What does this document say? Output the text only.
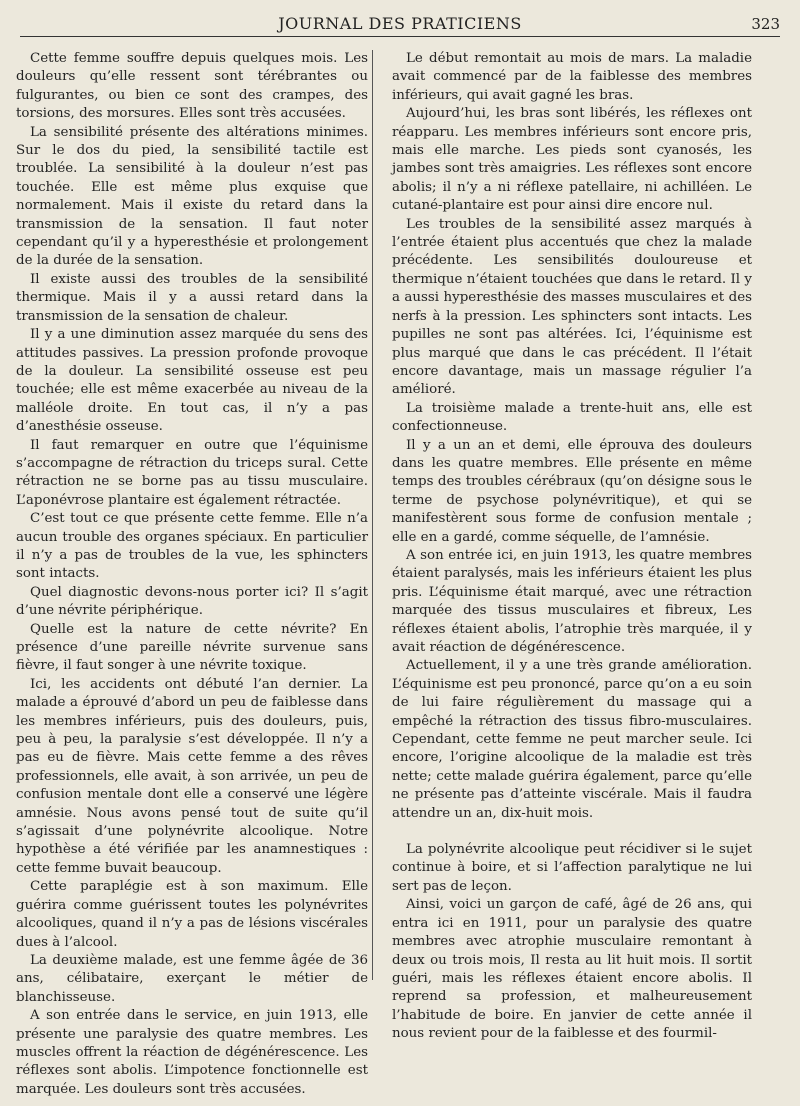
JOURNAL DES PRATICIENS	323

Cette femme souffre depuis quelques mois. Les douleurs qu’elle ressent sont térébrantes ou fulgurantes, ou bien ce sont des crampes, des torsions, des morsures. Elles sont très accusées.

La sensibilité présente des altérations minimes. Sur le dos du pied, la sensibilité tactile est troublée. La sensibilité à la douleur n’est pas touchée. Elle est même plus exquise que normalement. Mais il existe du retard dans la transmission de la sensation. Il faut noter cependant qu’il y a hyperesthésie et prolongement de la durée de la sensation.

Il existe aussi des troubles de la sensibilité thermique. Mais il y a aussi retard dans la transmission de la sensation de chaleur.

Il y a une diminution assez marquée du sens des attitudes passives. La pression profonde provoque de la douleur. La sensibilité osseuse est peu touchée; elle est même exacerbée au niveau de la malléole droite. En tout cas, il n’y a pas d’anesthésie osseuse.

Il faut remarquer en outre que l’équinisme s’accompagne de rétraction du triceps sural. Cette rétraction ne se borne pas au tissu musculaire. L’aponévrose plantaire est également rétractée.

C’est tout ce que présente cette femme. Elle n’a aucun trouble des organes spéciaux. En particulier il n’y a pas de troubles de la vue, les sphincters sont intacts.

Quel diagnostic devons-nous porter ici? Il s’agit d’une névrite périphérique.

Quelle est la nature de cette névrite? En présence d’une pareille névrite survenue sans fièvre, il faut songer à une névrite toxique.

Ici, les accidents ont débuté l’an dernier. La malade a éprouvé d’abord un peu de faiblesse dans les membres inférieurs, puis des douleurs, puis, peu à peu, la paralysie s’est développée. Il n’y a pas eu de fièvre. Mais cette femme a des rêves professionnels, elle avait, à son arrivée, un peu de confusion mentale dont elle a conservé une légère amnésie. Nous avons pensé tout de suite qu’il s’agissait d’une polynévrite alcoolique. Notre hypothèse a été vérifiée par les anamnestiques : cette femme buvait beaucoup.

Cette paraplégie est à son maximum. Elle guérira comme guérissent toutes les polynévrites alcooliques, quand il n’y a pas de lésions viscérales dues à l’alcool.

La deuxième malade, est une femme âgée de 36 ans, célibataire, exerçant le métier de blanchisseuse.

A son entrée dans le service, en juin 1913, elle présente une paralysie des quatre membres. Les muscles offrent la réaction de dégénérescence. Les réflexes sont abolis. L’impotence fonctionnelle est marquée. Les douleurs sont très accusées.

Le début remontait au mois de mars. La maladie avait commencé par de la faiblesse des membres inférieurs, qui avait gagné les bras.

Aujourd’hui, les bras sont libérés, les réflexes ont réapparu. Les membres inférieurs sont encore pris, mais elle marche. Les pieds sont cyanosés, les jambes sont très amaigries. Les réflexes sont encore abolis; il n’y a ni réflexe patellaire, ni achilléen. Le cutané-plantaire est pour ainsi dire encore nul.

Les troubles de la sensibilité assez marqués à l’entrée étaient plus accentués que chez la malade précédente. Les sensibilités douloureuse et thermique n’étaient touchées que dans le retard. Il y a aussi hyperesthésie des masses musculaires et des nerfs à la pression. Les sphincters sont intacts. Les pupilles ne sont pas altérées. Ici, l’équinisme est plus marqué que dans le cas précédent. Il l’était encore davantage, mais un massage régulier l’a amélioré.

La troisième malade a trente-huit ans, elle est confectionneuse.

Il y a un an et demi, elle éprouva des douleurs dans les quatre membres. Elle présente en même temps des troubles cérébraux (qu’on désigne sous le terme de psychose polynévritique), et qui se manifestèrent sous forme de confusion mentale ; elle en a gardé, comme séquelle, de l’amnésie.

A son entrée ici, en juin 1913, les quatre membres étaient paralysés, mais les inférieurs étaient les plus pris. L’équinisme était marqué, avec une rétraction marquée des tissus musculaires et fibreux, Les réflexes étaient abolis, l’atrophie très marquée, il y avait réaction de dégénérescence.

Actuellement, il y a une très grande amélioration. L’équinisme est peu prononcé, parce qu’on a eu soin de lui faire régulièrement du massage qui a empêché la rétraction des tissus fibro-musculaires. Cependant, cette femme ne peut marcher seule. Ici encore, l’origine alcoolique de la maladie est très nette; cette malade guérira également, parce qu’elle ne présente pas d’atteinte viscérale. Mais il faudra attendre un an, dix-huit mois.

La polynévrite alcoolique peut récidiver si le sujet continue à boire, et si l’affection paralytique ne lui sert pas de leçon.

Ainsi, voici un garçon de café, âgé de 26 ans, qui entra ici en 1911, pour un paralysie des quatre membres avec atrophie musculaire remontant à deux ou trois mois, Il resta au lit huit mois. Il sortit guéri, mais les réflexes étaient encore abolis. Il reprend sa profession, et malheureusement l’habitude de boire. En janvier de cette année il nous revient pour de la faiblesse et des fourmil-
